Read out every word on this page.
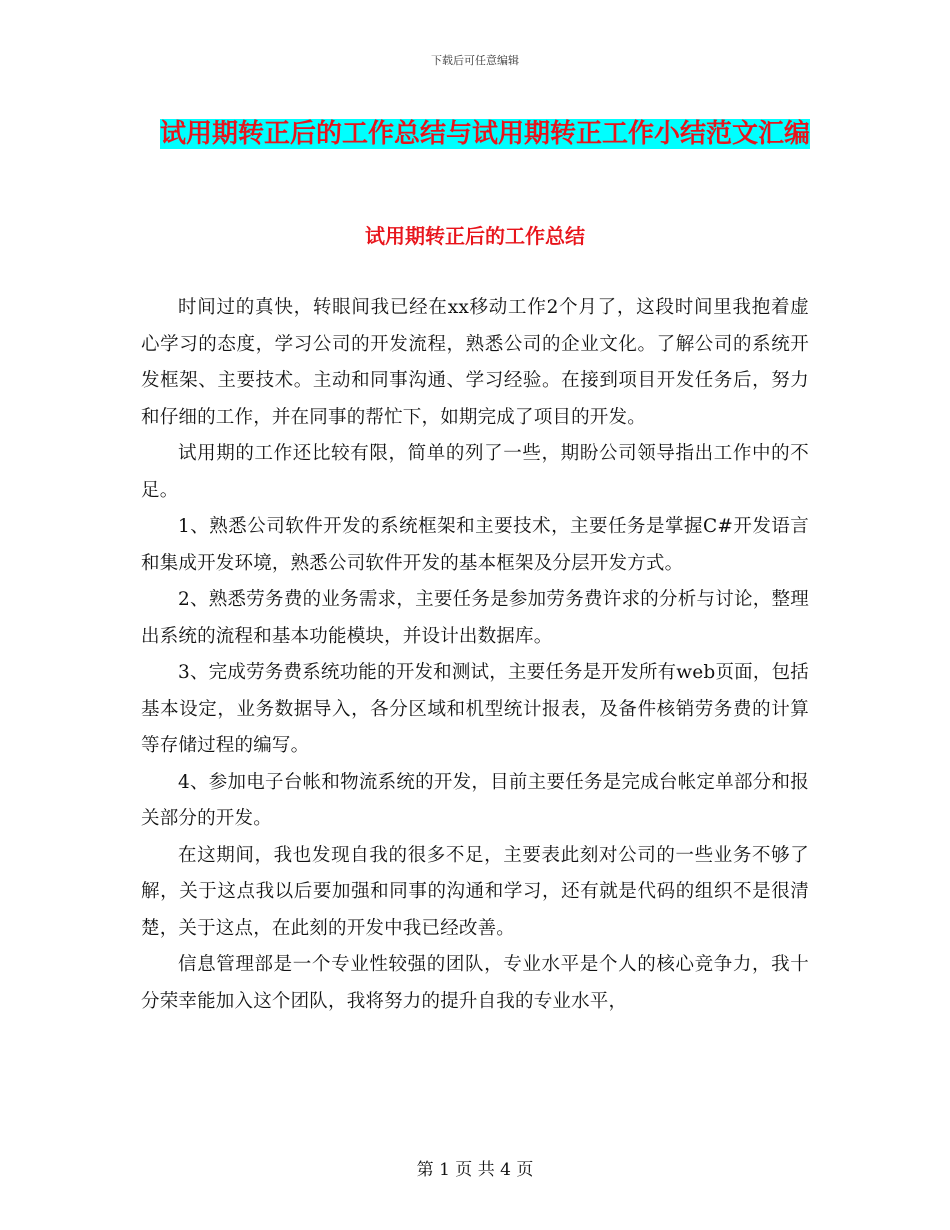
下载后可任意编辑
试用期转正后的工作总结与试用期转正工作小结范文汇编
试用期转正后的工作总结

时间过的真快，转眼间我已经在xx移动工作2个月了，这段时间里我抱着虚心学习的态度，学习公司的开发流程，熟悉公司的企业文化。了解公司的系统开发框架、主要技术。主动和同事沟通、学习经验。在接到项目开发任务后，努力和仔细的工作，并在同事的帮忙下，如期完成了项目的开发。

试用期的工作还比较有限，简单的列了一些，期盼公司领导指出工作中的不足。

1、熟悉公司软件开发的系统框架和主要技术，主要任务是掌握C#开发语言和集成开发环境，熟悉公司软件开发的基本框架及分层开发方式。

2、熟悉劳务费的业务需求，主要任务是参加劳务费许求的分析与讨论，整理出系统的流程和基本功能模块，并设计出数据库。

3、完成劳务费系统功能的开发和测试，主要任务是开发所有web页面，包括基本设定，业务数据导入，各分区域和机型统计报表，及备件核销劳务费的计算等存储过程的编写。

4、参加电子台帐和物流系统的开发，目前主要任务是完成台帐定单部分和报关部分的开发。

在这期间，我也发现自我的很多不足，主要表此刻对公司的一些业务不够了解，关于这点我以后要加强和同事的沟通和学习，还有就是代码的组织不是很清楚，关于这点，在此刻的开发中我已经改善。

信息管理部是一个专业性较强的团队，专业水平是个人的核心竞争力，我十分荣幸能加入这个团队，我将努力的提升自我的专业水平，

第 1 页 共 4 页
